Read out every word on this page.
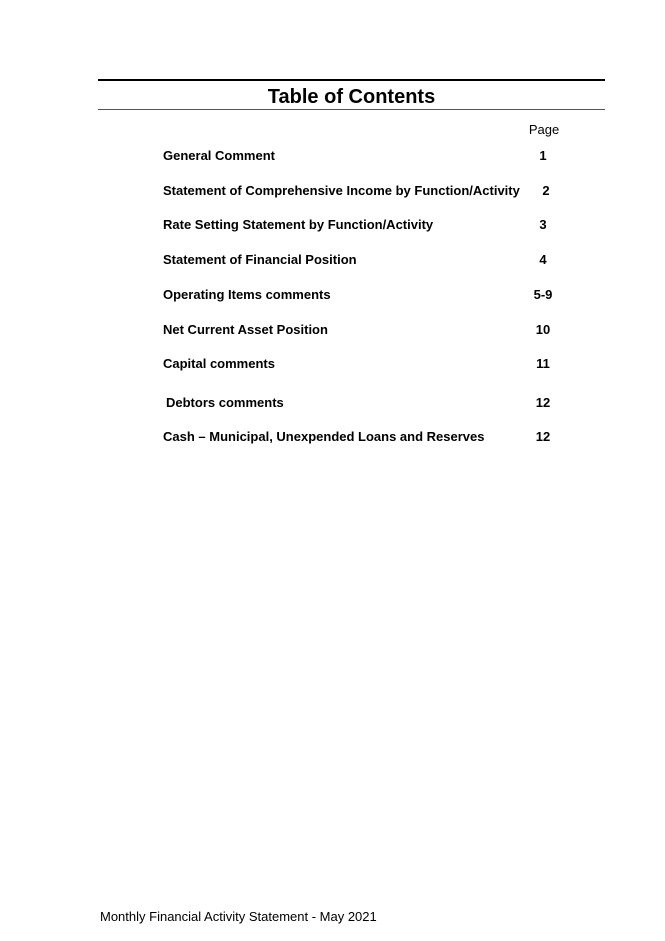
Table of Contents
Page
General Comment	1
Statement of Comprehensive Income by Function/Activity	2
Rate Setting Statement by Function/Activity	3
Statement of Financial Position	4
Operating Items comments	5-9
Net Current Asset Position	10
Capital comments	11
Debtors comments	12
Cash – Municipal, Unexpended Loans and Reserves	12
Monthly Financial Activity Statement - May 2021
